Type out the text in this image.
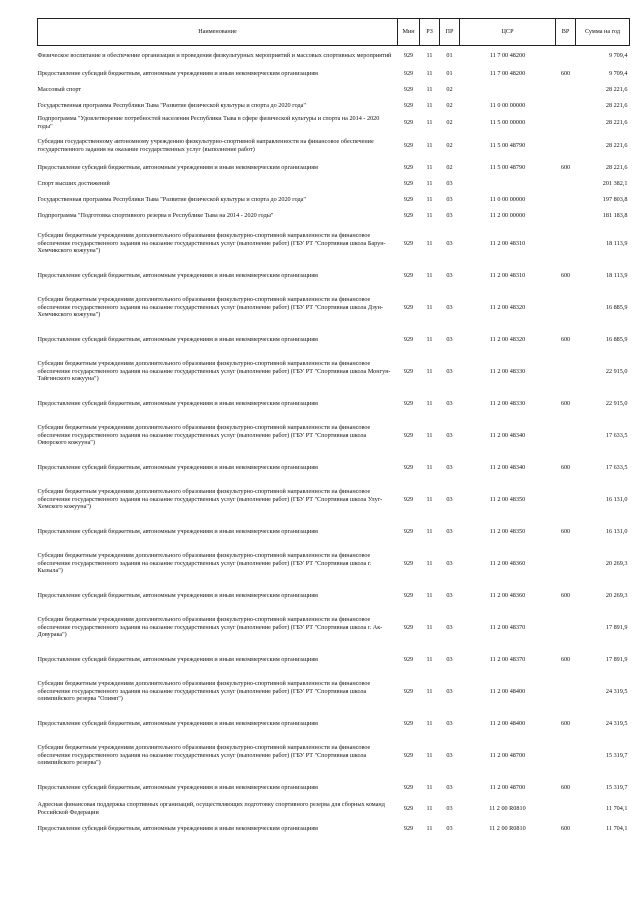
Наименование	Мин	РЗ	ПР	ЦСР	ВР	Сумма на год
Физическое воспитание и обеспечение организации и проведения физкультурных мероприятий и массовых спортивных мероприятий	929	11	01	11 7 00 48200		9 709,4
Предоставление субсидий бюджетным, автономным учреждениям и иным некоммерческим организациям	929	11	01	11 7 00 48200	600	9 709,4
Массовый спорт	929	11	02			28 221,6
Государственная программа Республики Тыва "Развитие физической культуры и спорта до 2020 года"	929	11	02	11 0 00 00000		28 221,6
Подпрограмма "Удовлетворение потребностей населения Республики Тыва в сфере физической культуры и спорта на 2014 - 2020 годы"	929	11	02	11 5 00 00000		28 221,6
Субсидии государственному автономному учреждению физкультурно-спортивной направленности на финансовое обеспечение государственного задания на оказание государственных услуг (выполнение работ)	929	11	02	11 5 00 48790		28 221,6
Предоставление субсидий бюджетным, автономным учреждениям и иным некоммерческим организациям	929	11	02	11 5 00 48790	600	28 221,6
Спорт высших достижений	929	11	03			201 382,1
Государственная программа Республики Тыва "Развитие физической культуры и спорта до 2020 года"	929	11	03	11 0 00 00000		197 803,8
Подпрограмма "Подготовка спортивного резерва в Республике Тыва на 2014 - 2020 годы"	929	11	03	11 2 00 00000		181 183,8
Субсидии бюджетным учреждениям дополнительного образования физкультурно-спортивной направленности на финансовое обеспечение государственного задания на оказание государственных услуг (выполнение работ) (ГБУ РТ "Спортивная школа Барун-Хемчикского кожууна")	929	11	03	11 2 00 48310		18 113,9
Предоставление субсидий бюджетным, автономным учреждениям и иным некоммерческим организациям	929	11	03	11 2 00 48310	600	18 113,9
Субсидии бюджетным учреждениям дополнительного образования физкультурно-спортивной направленности на финансовое обеспечение государственного задания на оказание государственных услуг (выполнение работ) (ГБУ РТ "Спортивная школа Дзун-Хемчикского кожууна")	929	11	03	11 2 00 48320		16 885,9
Предоставление субсидий бюджетным, автономным учреждениям и иным некоммерческим организациям	929	11	03	11 2 00 48320	600	16 885,9
Субсидии бюджетным учреждениям дополнительного образования физкультурно-спортивной направленности на финансовое обеспечение государственного задания на оказание государственных услуг (выполнение работ) (ГБУ РТ "Спортивная школа Монгун-Тайгинского кожууна")	929	11	03	11 2 00 48330		22 915,0
Предоставление субсидий бюджетным, автономным учреждениям и иным некоммерческим организациям	929	11	03	11 2 00 48330	600	22 915,0
Субсидии бюджетным учреждениям дополнительного образования физкультурно-спортивной направленности на финансовое обеспечение государственного задания на оказание государственных услуг (выполнение работ) (ГБУ РТ "Спортивная школа Овюрского кожууна")	929	11	03	11 2 00 48340		17 633,5
Предоставление субсидий бюджетным, автономным учреждениям и иным некоммерческим организациям	929	11	03	11 2 00 48340	600	17 633,5
Субсидии бюджетным учреждениям дополнительного образования физкультурно-спортивной направленности на финансовое обеспечение государственного задания на оказание государственных услуг (выполнение работ) (ГБУ РТ "Спортивная школа Улуг-Хемского кожууна")	929	11	03	11 2 00 48350		16 131,0
Предоставление субсидий бюджетным, автономным учреждениям и иным некоммерческим организациям	929	11	03	11 2 00 48350	600	16 131,0
Субсидии бюджетным учреждениям дополнительного образования физкультурно-спортивной направленности на финансовое обеспечение государственного задания на оказание государственных услуг (выполнение работ) (ГБУ РТ "Спортивная школа г. Кызыла")	929	11	03	11 2 00 48360		20 269,3
Предоставление субсидий бюджетным, автономным учреждениям и иным некоммерческим организациям	929	11	03	11 2 00 48360	600	20 269,3
Субсидии бюджетным учреждениям дополнительного образования физкультурно-спортивной направленности на финансовое обеспечение государственного задания на оказание государственных услуг (выполнение работ) (ГБУ РТ "Спортивная школа г. Ак-Довурака")	929	11	03	11 2 00 48370		17 891,9
Предоставление субсидий бюджетным, автономным учреждениям и иным некоммерческим организациям	929	11	03	11 2 00 48370	600	17 891,9
Субсидии бюджетным учреждениям дополнительного образования физкультурно-спортивной направленности на финансовое обеспечение государственного задания на оказание государственных услуг (выполнение работ) (ГБУ РТ "Спортивная школа олимпийского резерва "Олимп")	929	11	03	11 2 00 48400		24 319,5
Предоставление субсидий бюджетным, автономным учреждениям и иным некоммерческим организациям	929	11	03	11 2 00 48400	600	24 319,5
Субсидии бюджетным учреждениям дополнительного образования физкультурно-спортивной направленности на финансовое обеспечение государственного задания на оказание государственных услуг (выполнение работ) (ГБУ РТ "Спортивная школа олимпийского резерва")	929	11	03	11 2 00 48700		15 319,7
Предоставление субсидий бюджетным, автономным учреждениям и иным некоммерческим организациям	929	11	03	11 2 00 48700	600	15 319,7
Адресная финансовая поддержка спортивных организаций, осуществляющих подготовку спортивного резерва для сборных команд Российской Федерации	929	11	03	11 2 00 R0810		11 704,1
Предоставление субсидий бюджетным, автономным учреждениям и иным некоммерческим организациям	929	11	03	11 2 00 R0810	600	11 704,1
